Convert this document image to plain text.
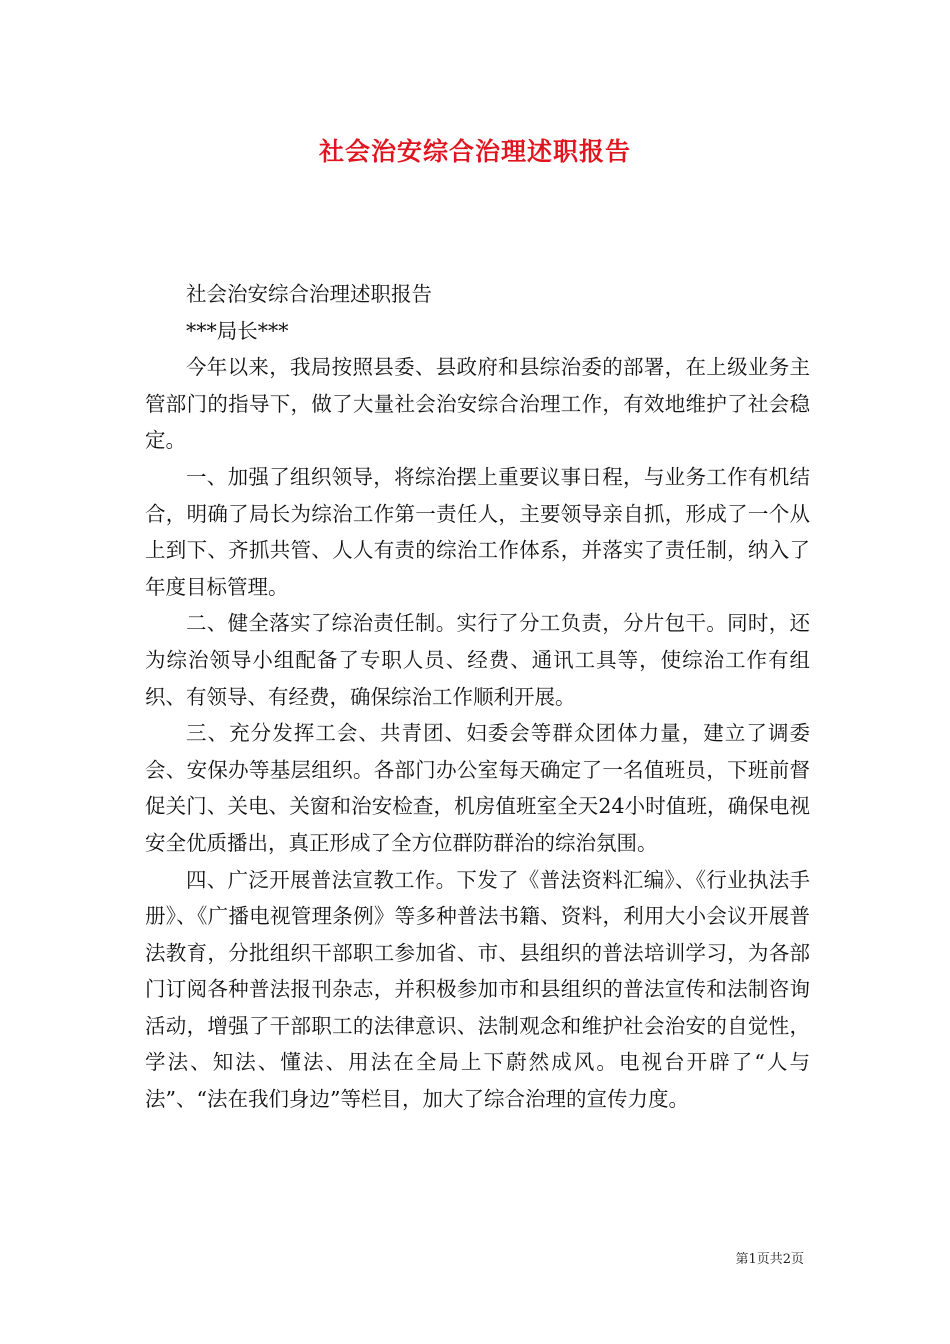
社会治安综合治理述职报告

社会治安综合治理述职报告

***局长***

今年以来，我局按照县委、县政府和县综治委的部署，在上级业务主管部门的指导下，做了大量社会治安综合治理工作，有效地维护了社会稳定。

一、加强了组织领导，将综治摆上重要议事日程，与业务工作有机结合，明确了局长为综治工作第一责任人，主要领导亲自抓，形成了一个从上到下、齐抓共管、人人有责的综治工作体系，并落实了责任制，纳入了年度目标管理。

二、健全落实了综治责任制。实行了分工负责，分片包干。同时，还为综治领导小组配备了专职人员、经费、通讯工具等，使综治工作有组织、有领导、有经费，确保综治工作顺利开展。

三、充分发挥工会、共青团、妇委会等群众团体力量，建立了调委会、安保办等基层组织。各部门办公室每天确定了一名值班员，下班前督促关门、关电、关窗和治安检查，机房值班室全天24小时值班，确保电视安全优质播出，真正形成了全方位群防群治的综治氛围。

四、广泛开展普法宣教工作。下发了《普法资料汇编》、《行业执法手册》、《广播电视管理条例》等多种普法书籍、资料，利用大小会议开展普法教育，分批组织干部职工参加省、市、县组织的普法培训学习，为各部门订阅各种普法报刊杂志，并积极参加市和县组织的普法宣传和法制咨询活动，增强了干部职工的法律意识、法制观念和维护社会治安的自觉性，学法、知法、懂法、用法在全局上下蔚然成风。电视台开辟了“人与法”、“法在我们身边”等栏目，加大了综合治理的宣传力度。

第1页共2页
